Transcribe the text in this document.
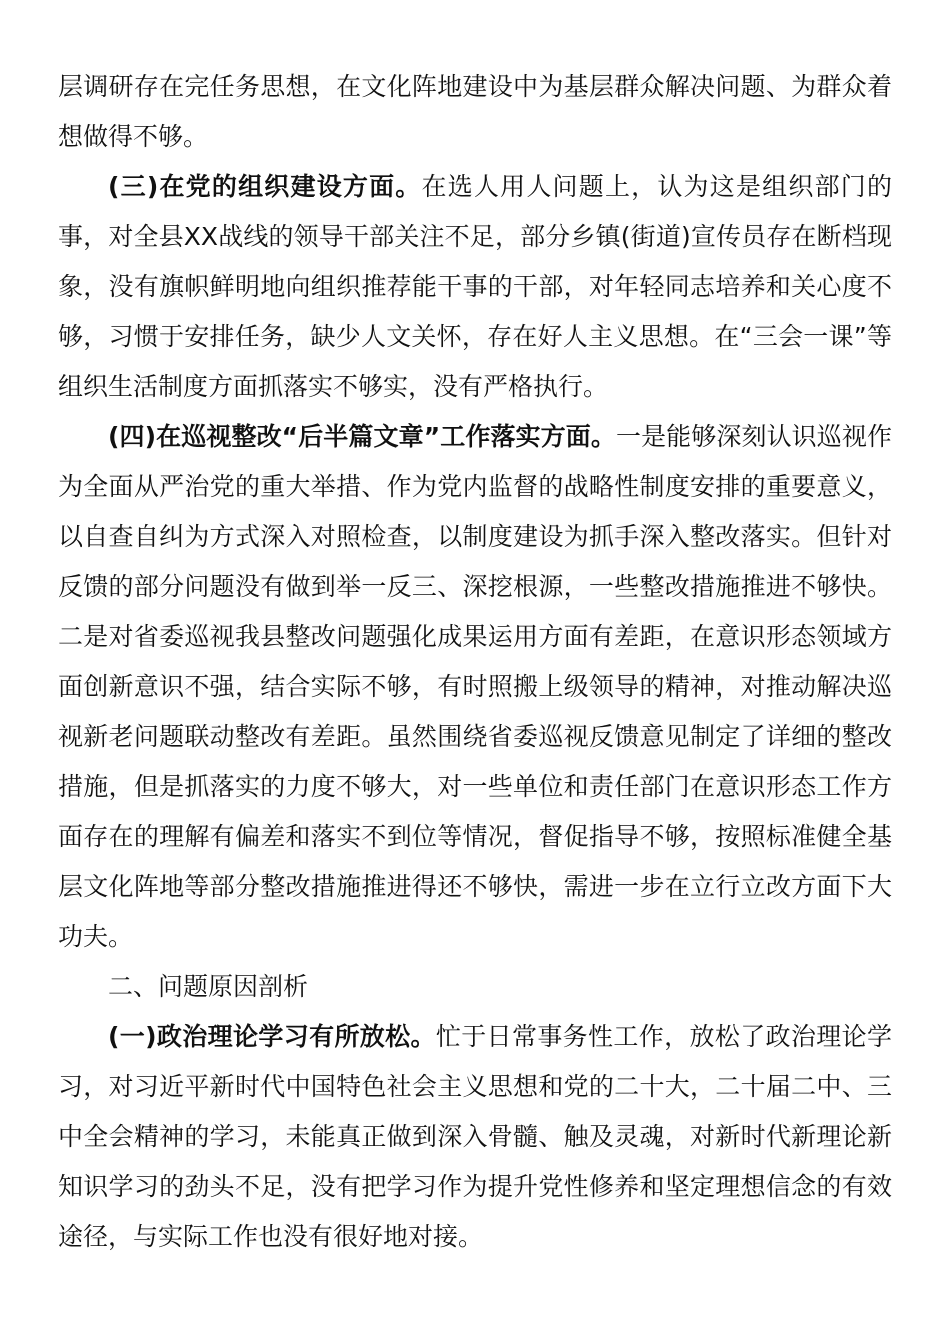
层调研存在完任务思想，在文化阵地建设中为基层群众解决问题、为群众着想做得不够。

(三)在党的组织建设方面。在选人用人问题上，认为这是组织部门的事，对全县XX战线的领导干部关注不足，部分乡镇(街道)宣传员存在断档现象，没有旗帜鲜明地向组织推荐能干事的干部，对年轻同志培养和关心度不够，习惯于安排任务，缺少人文关怀，存在好人主义思想。在“三会一课”等组织生活制度方面抓落实不够实，没有严格执行。

(四)在巡视整改“后半篇文章”工作落实方面。一是能够深刻认识巡视作为全面从严治党的重大举措、作为党内监督的战略性制度安排的重要意义，以自查自纠为方式深入对照检查，以制度建设为抓手深入整改落实。但针对反馈的部分问题没有做到举一反三、深挖根源，一些整改措施推进不够快。二是对省委巡视我县整改问题强化成果运用方面有差距，在意识形态领域方面创新意识不强，结合实际不够，有时照搬上级领导的精神，对推动解决巡视新老问题联动整改有差距。虽然围绕省委巡视反馈意见制定了详细的整改措施，但是抓落实的力度不够大，对一些单位和责任部门在意识形态工作方面存在的理解有偏差和落实不到位等情况，督促指导不够，按照标准健全基层文化阵地等部分整改措施推进得还不够快，需进一步在立行立改方面下大功夫。

二、问题原因剖析

(一)政治理论学习有所放松。忙于日常事务性工作，放松了政治理论学习，对习近平新时代中国特色社会主义思想和党的二十大，二十届二中、三中全会精神的学习，未能真正做到深入骨髓、触及灵魂，对新时代新理论新知识学习的劲头不足，没有把学习作为提升党性修养和坚定理想信念的有效途径，与实际工作也没有很好地对接。
